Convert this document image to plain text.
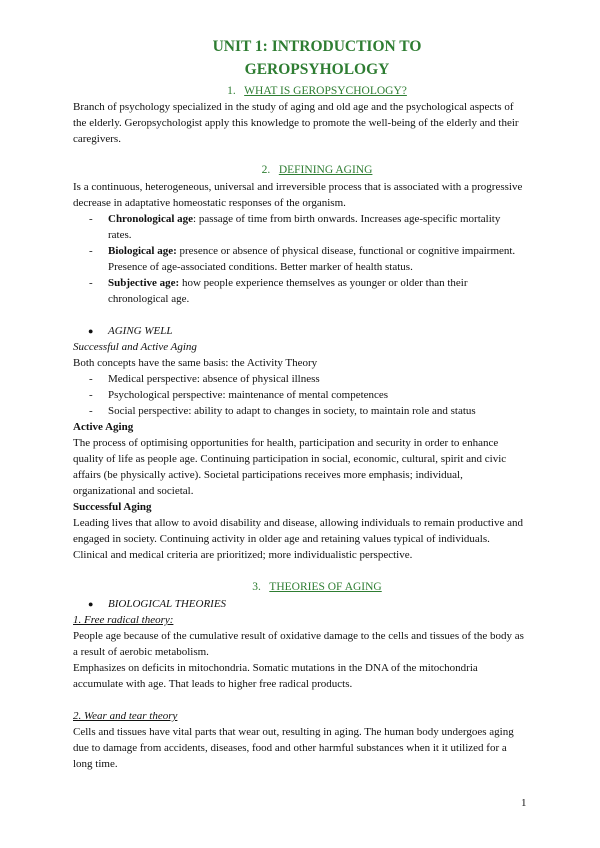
UNIT 1: INTRODUCTION TO
GEROPSYHOLOGY
1. WHAT IS GEROPSYCHOLOGY?

Branch of psychology specialized in the study of aging and old age and the psychological aspects of the elderly. Geropsychologist apply this knowledge to promote the well-being of the elderly and their caregivers.

2. DEFINING AGING

Is a continuous, heterogeneous, universal and irreversible process that is associated with a progressive decrease in adaptative homeostatic responses of the organism.

- Chronological age: passage of time from birth onwards. Increases age-specific mortality rates.

- Biological age: presence or absence of physical disease, functional or cognitive impairment. Presence of age-associated conditions. Better marker of health status.

- Subjective age: how people experience themselves as younger or older than their chronological age.

● AGING WELL
Successful and Active Aging
Both concepts have the same basis: the Activity Theory
- Medical perspective: absence of physical illness
- Psychological perspective: maintenance of mental competences
- Social perspective: ability to adapt to changes in society, to maintain role and status
Active Aging

The process of optimising opportunities for health, participation and security in order to enhance quality of life as people age. Continuing participation in social, economic, cultural, spirit and civic affairs (be physically active). Societal participations receives more emphasis; individual, organizational and societal.

Successful Aging

Leading lives that allow to avoid disability and disease, allowing individuals to remain productive and engaged in society. Continuing activity in older age and retaining values typical of individuals. Clinical and medical criteria are prioritized; more individualistic perspective.

3. THEORIES OF AGING
● BIOLOGICAL THEORIES
1. Free radical theory:

People age because of the cumulative result of oxidative damage to the cells and tissues of the body as a result of aerobic metabolism.

Emphasizes on deficits in mitochondria. Somatic mutations in the DNA of the mitochondria accumulate with age. That leads to higher free radical products.

2. Wear and tear theory

Cells and tissues have vital parts that wear out, resulting in aging. The human body undergoes aging due to damage from accidents, diseases, food and other harmful substances when it it utilized for a long time.

1
